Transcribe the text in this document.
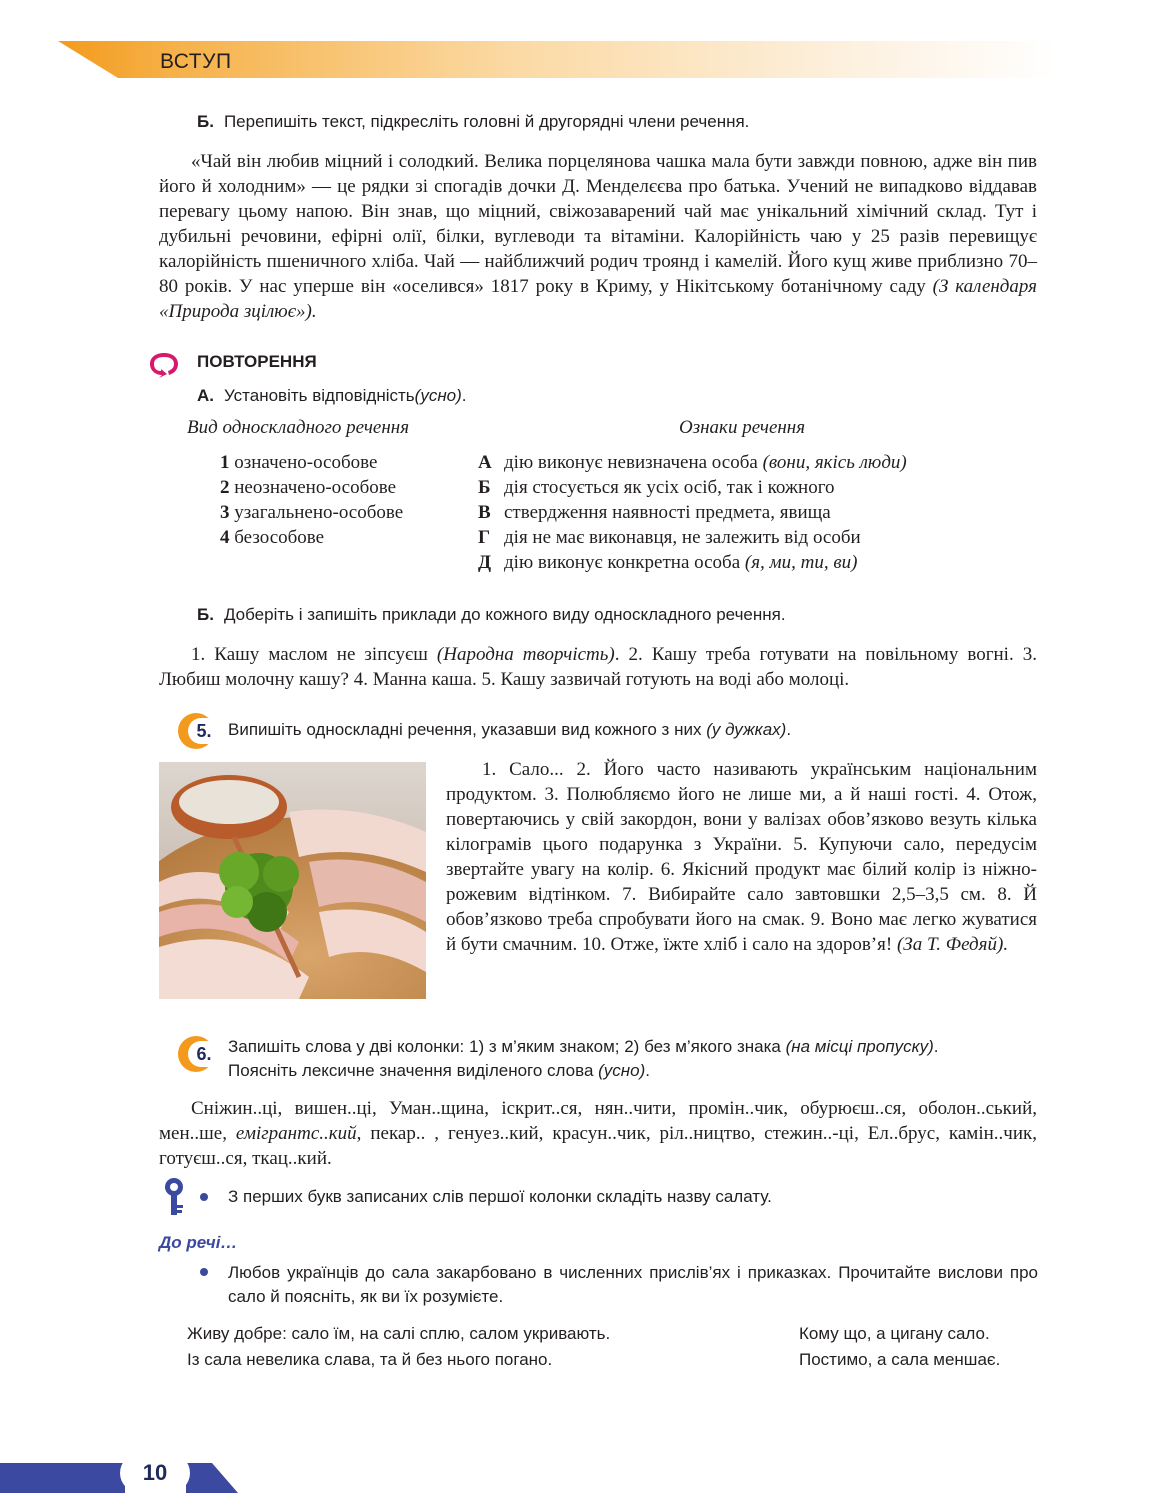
ВСТУП
Б. Перепишіть текст, підкресліть головні й другорядні члени речення.
«Чай він любив міцний і солодкий. Велика порцелянова чашка мала бути завжди повною, адже він пив його й холодним» — це рядки зі спогадів дочки Д. Менделєєва про батька. Учений не випадково віддавав перевагу цьому напою. Він знав, що міцний, свіжозаварений чай має унікальний хімічний склад. Тут і дубильні речовини, ефірні олії, білки, вуглеводи та вітаміни. Калорійність чаю у 25 разів перевищує калорійність пшеничного хліба. Чай — найближчий родич троянд і камелій. Його кущ живе приблизно 70–80 років. У нас уперше він «оселився» 1817 року в Криму, у Нікітському ботанічному саду (З календаря «Природа зцілює»).
ПОВТОРЕННЯ
А. Установіть відповідність(усно).
Вид односкладного речення	Ознаки речення
1 означено-особове
2 неозначено-особове
3 узагальнено-особове
4 безособове
А дію виконує невизначена особа (вони, якісь люди)
Б дія стосується як усіх осіб, так і кожного
В ствердження наявності предмета, явища
Г дія не має виконавця, не залежить від особи
Д дію виконує конкретна особа (я, ми, ти, ви)
Б. Доберіть і запишіть приклади до кожного виду односкладного речення.
1. Кашу маслом не зіпсуєш (Народна творчість). 2. Кашу треба готувати на повільному вогні. 3. Любиш молочну кашу? 4. Манна каша. 5. Кашу зазвичай готують на воді або молоці.
5. Випишіть односкладні речення, указавши вид кожного з них (у дужках).
1. Сало... 2. Його часто називають українським національним продуктом. 3. Полюбляємо його не лише ми, а й наші гості. 4. Отож, повертаючись у свій закордон, вони у валізах обов’язково везуть кілька кілограмів цього подарунка з України. 5. Купуючи сало, передусім звертайте увагу на колір. 6. Якісний продукт має білий колір із ніжно-рожевим відтінком. 7. Вибирайте сало завтовшки 2,5–3,5 см. 8. Й обов’язково треба спробувати його на смак. 9. Воно має легко жуватися й бути смачним. 10. Отже, їжте хліб і сало на здоров’я! (За Т. Федяй).
6. Запишіть слова у дві колонки: 1) з м’яким знаком; 2) без м’якого знака (на місці пропуску).
Поясніть лексичне значення виділеного слова (усно).
Сніжин..ці, вишен..ці, Уман..щина, іскрит..ся, нян..чити, промін..чик, обурюєш..ся, оболон..ський, мен..ше, емігрантс..кий, пекар.. , генуез..кий, красун..чик, ріл..ництво, стежин..-ці, Ел..брус, камін..чик, готуєш..ся, ткац..кий.
З перших букв записаних слів першої колонки складіть назву салату.
До речі…
Любов українців до сала закарбовано в численних прислів’ях і приказках. Прочитайте вислови про сало й поясніть, як ви їх розумієте.
Живу добре: сало їм, на салі сплю, салом укривають.
Із сала невелика слава, та й без нього погано.
Кому що, а цигану сало.
Постимо, а сала меншає.
10
